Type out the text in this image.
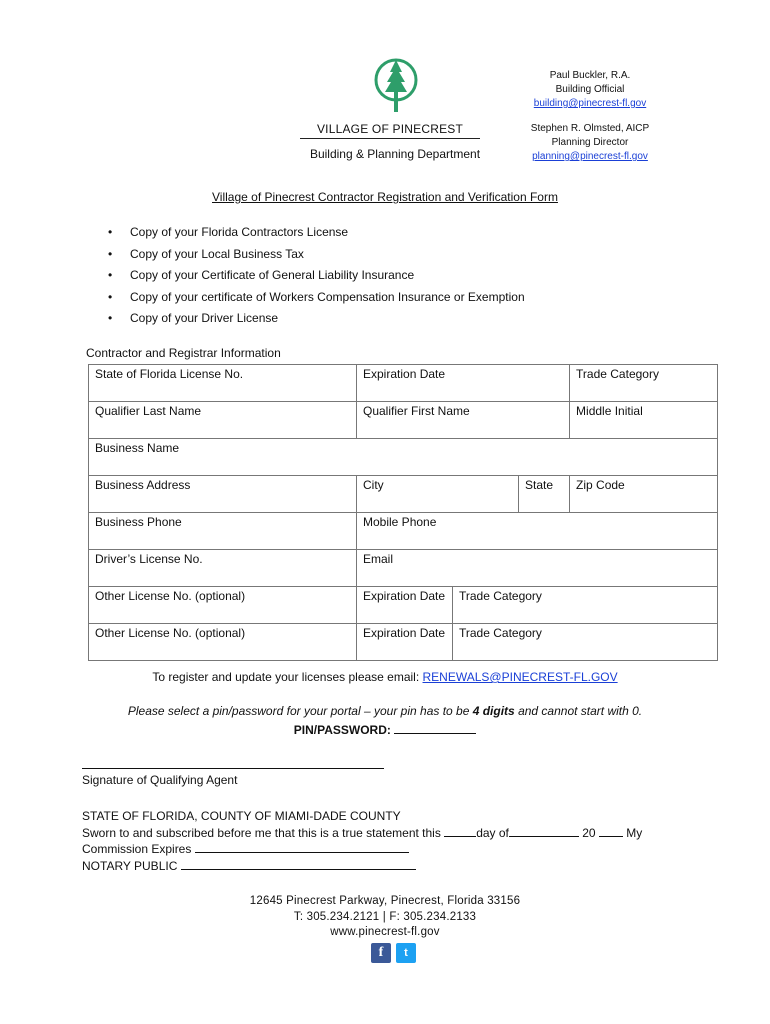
VILLAGE OF PINECREST
Building & Planning Department
Paul Buckler, R.A.
Building Official
building@pinecrest-fl.gov
Stephen R. Olmsted, AICP
Planning Director
planning@pinecrest-fl.gov
Village of Pinecrest Contractor Registration and Verification Form
• Copy of your Florida Contractors License
• Copy of your Local Business Tax
• Copy of your Certificate of General Liability Insurance
• Copy of your certificate of Workers Compensation Insurance or Exemption
• Copy of your Driver License
Contractor and Registrar Information
State of Florida License No.	Expiration Date			Trade Category
Qualifier Last Name	Qualifier First Name			Middle Initial
Business Name				
Business Address	City		State	Zip Code
Business Phone	Mobile Phone			
Driver’s License No.	Email			
Other License No. (optional)	Expiration Date	Trade Category		
Other License No. (optional)	Expiration Date	Trade Category		
To register and update your licenses please email: RENEWALS@PINECREST-FL.GOV
Please select a pin/password for your portal – your pin has to be 4 digits and cannot start with 0.
PIN/PASSWORD:
Signature of Qualifying Agent
STATE OF FLORIDA, COUNTY OF MIAMI-DADE COUNTY
Sworn to and subscribed before me that this is a true statement this	day of	20  My
Commission Expires
NOTARY PUBLIC
12645 Pinecrest Parkway, Pinecrest, Florida 33156
T: 305.234.2121 | F: 305.234.2133
www.pinecrest-fl.gov
f	t
